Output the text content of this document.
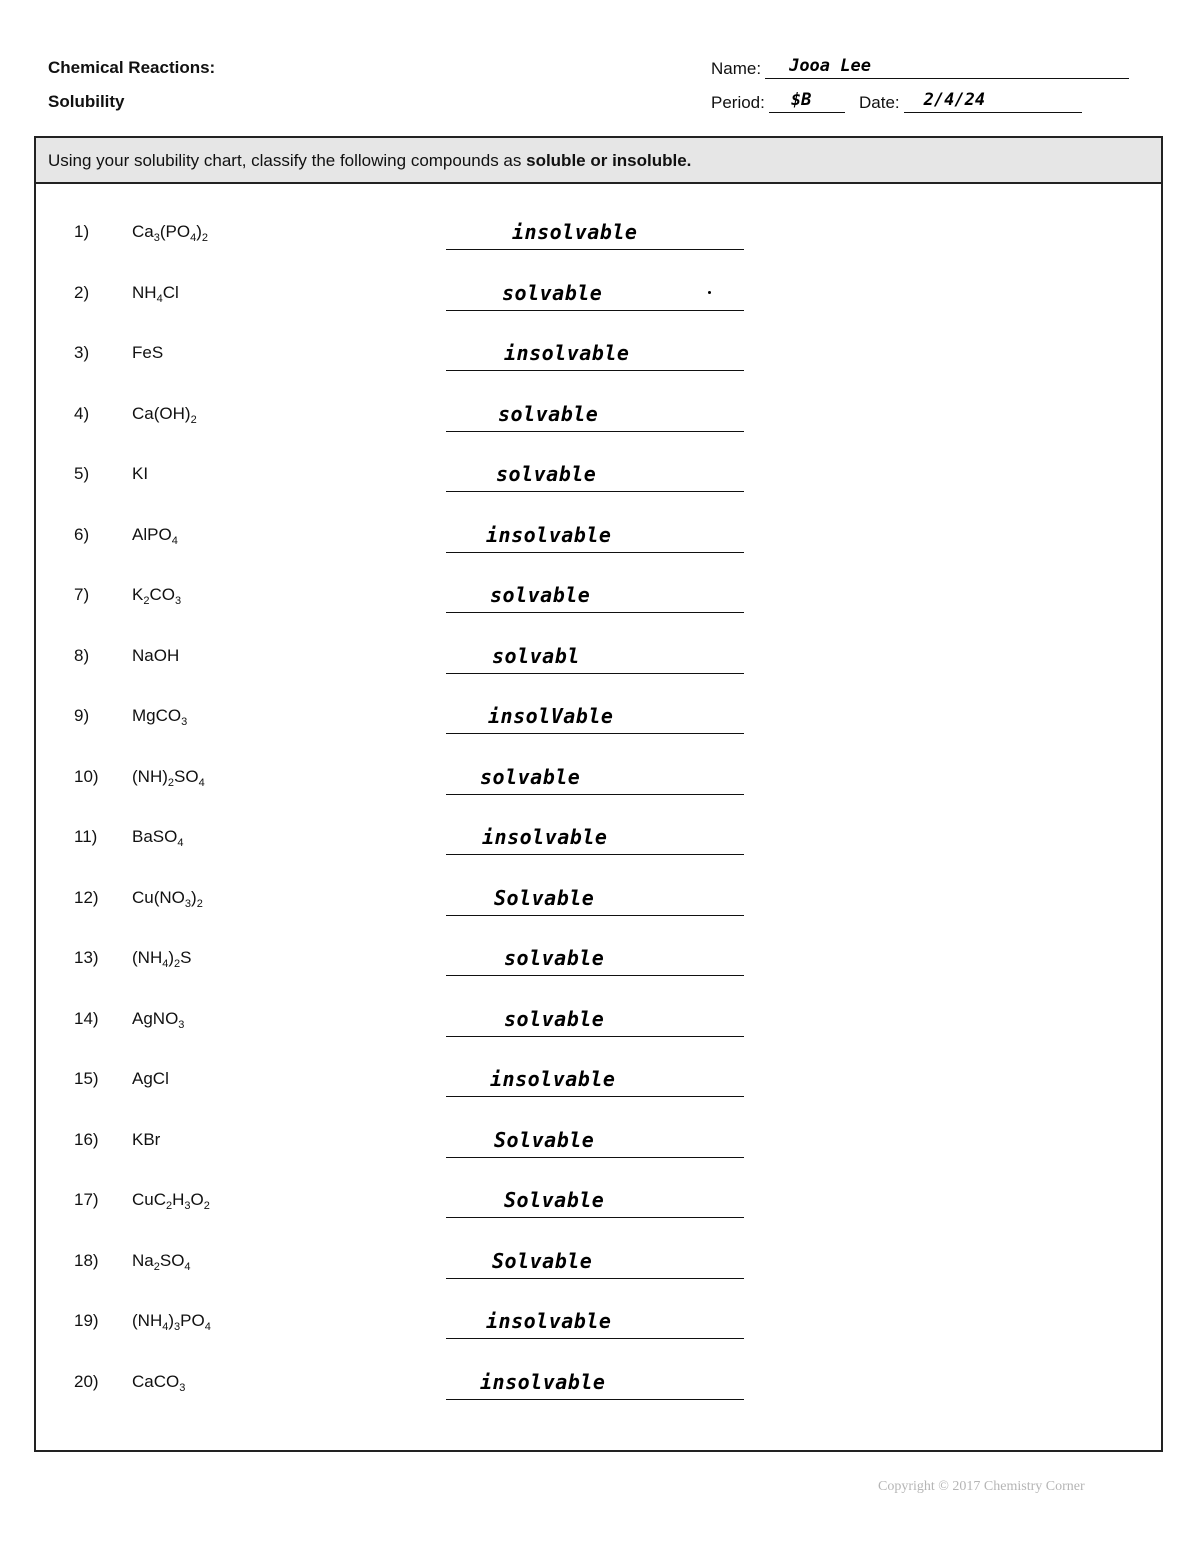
Chemical Reactions:
Solubility
Name: Jooa Lee
Period: $B	Date: 2/4/24
Using your solubility chart, classify the following compounds as soluble or insoluble.
1)	$Ca_3(PO_4)_2$	insolvable
2)	$NH_4Cl$	solvable
3)	FeS	insolvable
4)	$Ca(OH)_2$	solvable
5)	KI	solvable
6)	AlPO$_4$	insolvable
7)	$K_2CO_3$	solvable
8)	NaOH	solvabl
9)	MgCO$_3$	insolVable
10) $(NH)_2SO_4$	solvable
11) BaSO$_4$	insolvable
12) $Cu(NO_3)_2$	Solvable
13) $(NH_4)_2S$	solvable
14) AgNO$_3$	solvable
15) AgCl	insolvable
16) KBr	Solvable
17) $CuC_2H_3O_2$	Solvable
18) $Na_2SO_4$	Solvable
19) $(NH_4)_3PO_4$	insolvable
20) CaCO$_3$	insolvable
Copyright © 2017 Chemistry Corner
